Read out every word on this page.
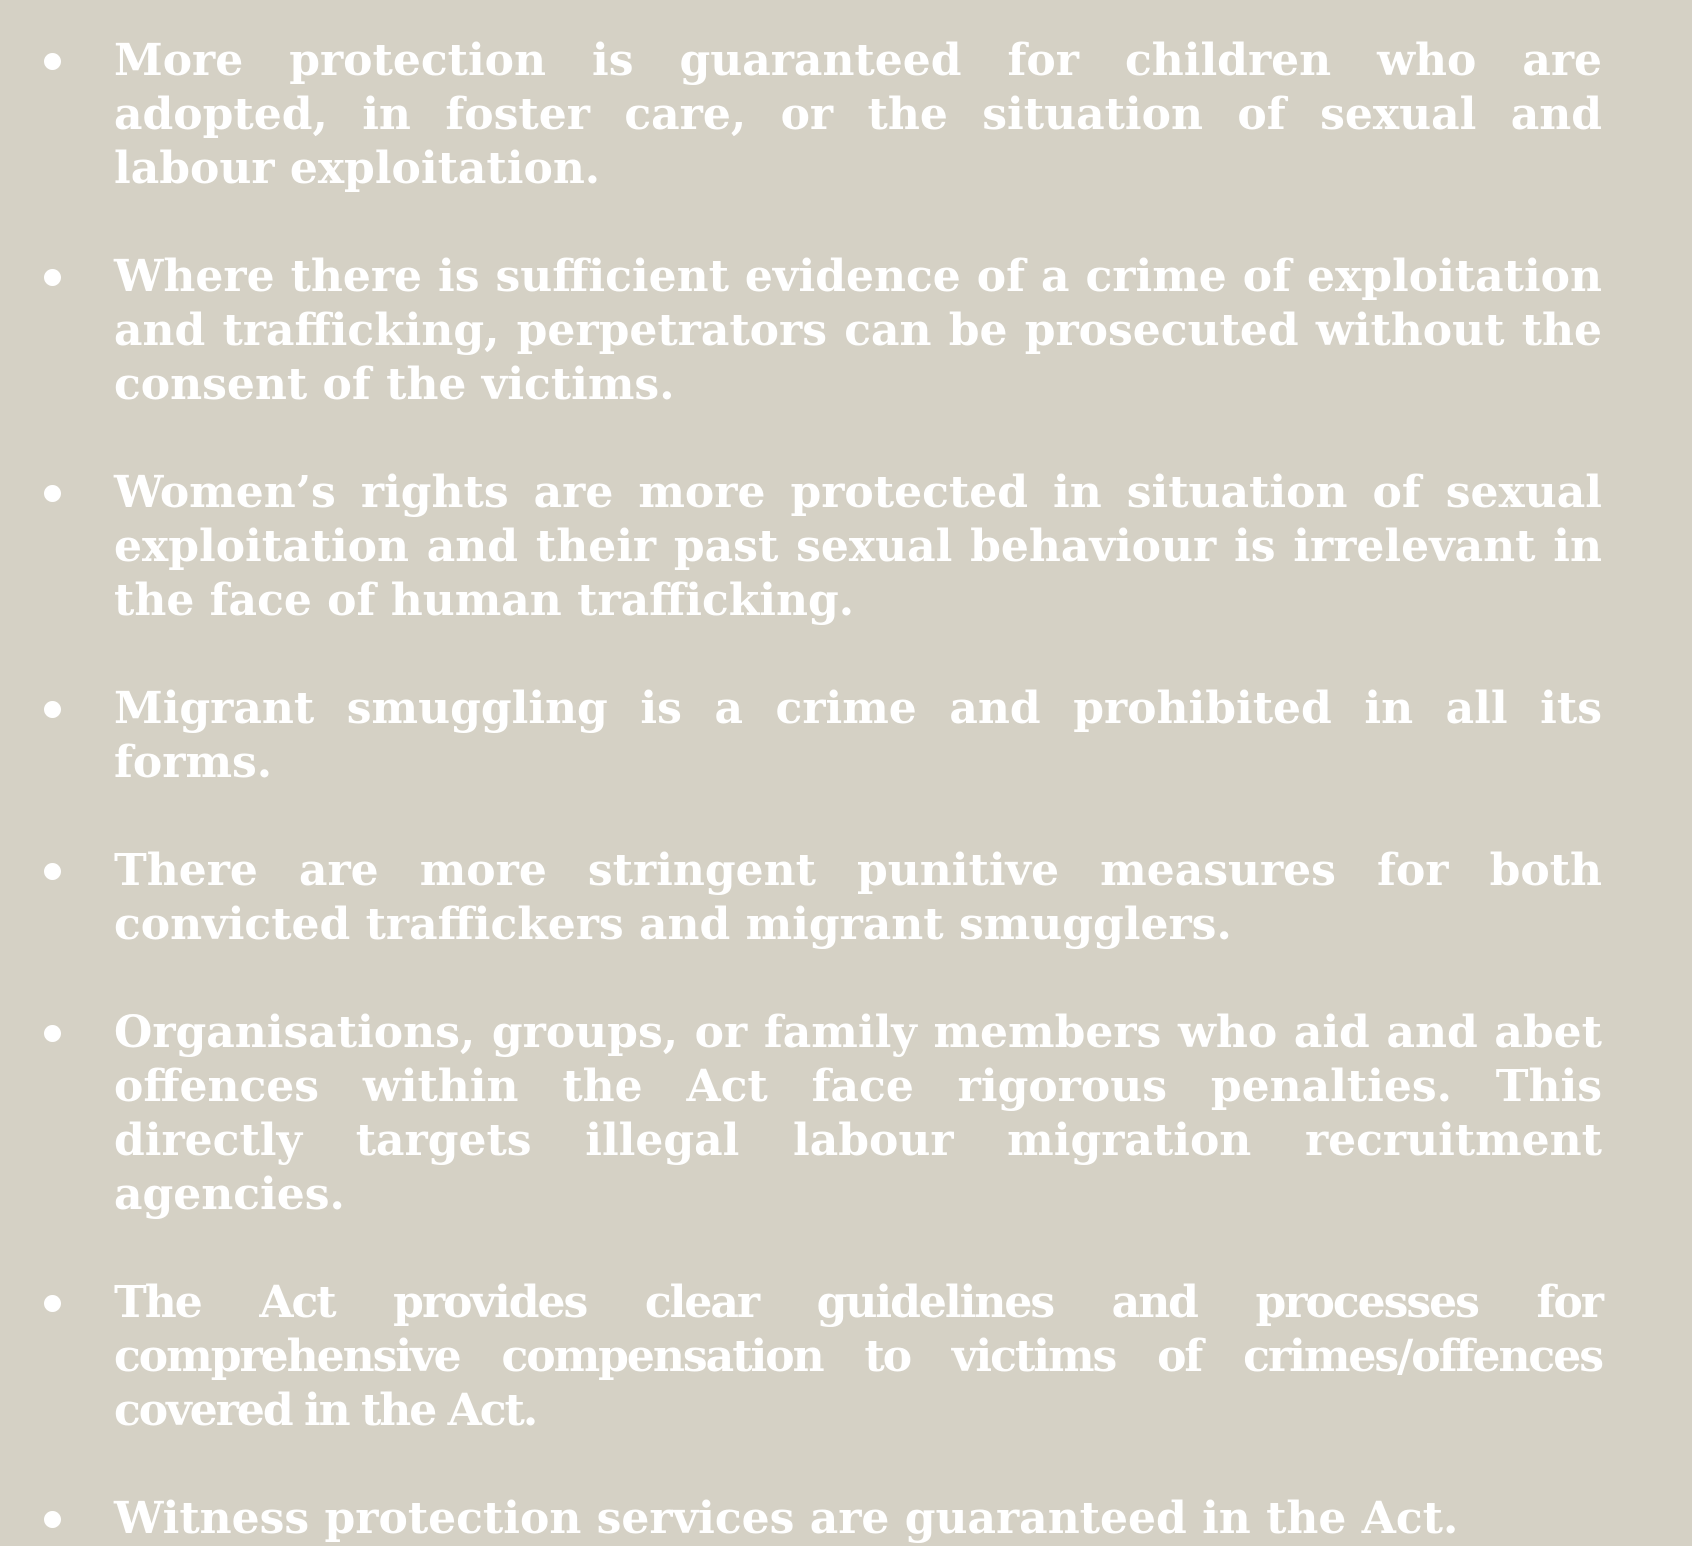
More protection is guaranteed for children who are adopted, in foster care, or the situation of sexual and labour exploitation.
Where there is sufficient evidence of a crime of exploitation and trafficking, perpetrators can be prosecuted without the consent of the victims.
Women’s rights are more protected in situation of sexual exploitation and their past sexual behaviour is irrelevant in the face of human trafficking.
Migrant smuggling is a crime and prohibited in all its forms.
There are more stringent punitive measures for both convicted traffickers and migrant smugglers.
Organisations, groups, or family members who aid and abet offences within the Act face rigorous penalties. This directly targets illegal labour migration recruitment agencies.
The Act provides clear guidelines and processes for comprehensive compensation to victims of crimes/offences covered in the Act.
Witness protection services are guaranteed in the Act.
